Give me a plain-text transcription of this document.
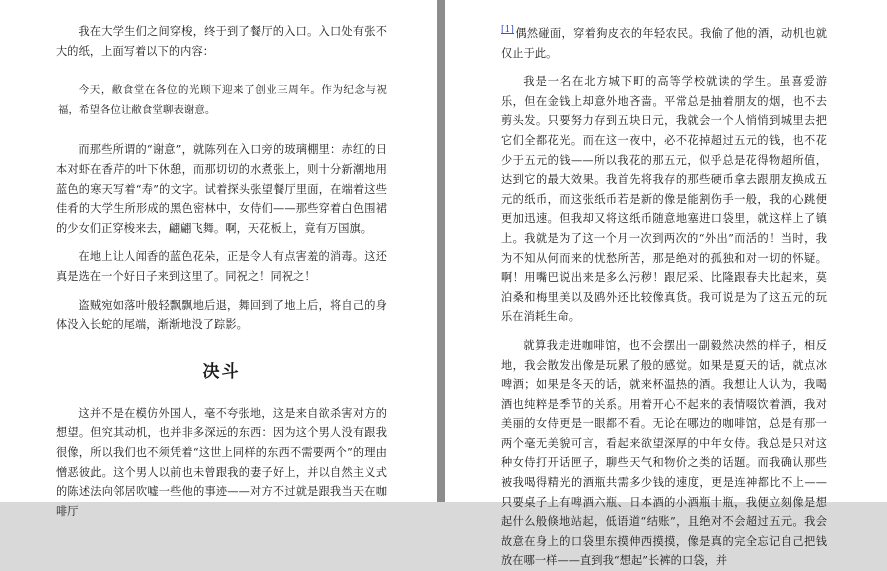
我在大学生们之间穿梭，终于到了餐厅的入口。入口处有张不大的纸，上面写着以下的内容：

今天，敝食堂在各位的光顾下迎来了创业三周年。作为纪念与祝福，希望各位让敝食堂聊表谢意。

而那些所谓的“谢意”，就陈列在入口旁的玻璃棚里：赤红的日本对虾在香芹的叶下休憩，而那切切的水煮张上，则十分新潮地用蓝色的寒天写着“寿”的文字。试着探头张望餐厅里面，在端着这些佳肴的大学生所形成的黑色密林中，女侍们——那些穿着白色围裙的少女们正穿梭来去，翩翩飞舞。啊，天花板上，竟有万国旗。

在地上让人闻香的蓝色花朵，正是令人有点害羞的消毒。这还真是选在一个好日子来到这里了。同祝之！同祝之！

盗贼宛如落叶般轻飘飘地后退，舞回到了地上后，将自己的身体没入长蛇的尾端，渐渐地没了踪影。

决斗

这并不是在模仿外国人，毫不夸张地，这是来自欲杀害对方的想望。但究其动机，也并非多深远的东西：因为这个男人没有跟我很像，所以我们也不须凭着“这世上同样的东西不需要两个”的理由憎恶彼此。这个男人以前也未曾跟我的妻子好上，并以自然主义式的陈述法向邻居吹嘘一些他的事迹——对方不过就是跟我当天在咖啡厅

[1]偶然碰面，穿着狗皮衣的年轻农民。我偷了他的酒，动机也就仅止于此。

我是一名在北方城下町的高等学校就读的学生。虽喜爱游乐，但在金钱上却意外地吝啬。平常总是抽着朋友的烟，也不去剪头发。只要努力存到五块日元，我就会一个人悄悄到城里去把它们全都花光。而在这一夜中，必不花掉超过五元的钱，也不花少于五元的钱——所以我花的那五元，似乎总是花得物超所值，达到它的最大效果。我首先将我存的那些硬币拿去跟朋友换成五元的纸币，而这张纸币若是新的像是能割伤手一般，我的心跳便更加迅速。但我却又将这纸币随意地塞进口袋里，就这样上了镇上。我就是为了这一个月一次到两次的“外出”而活的！当时，我为不知从何而来的忧愁所苦，那是绝对的孤独和对一切的怀疑。啊！用嘴巴说出来是多么污秽！跟尼采、比隆跟春夫比起来，莫泊桑和梅里美以及鸥外还比较像真货。我可说是为了这五元的玩乐在消耗生命。

就算我走进咖啡馆，也不会摆出一副毅然决然的样子，相反地，我会散发出像是玩累了般的感觉。如果是夏天的话，就点冰啤酒；如果是冬天的话，就来杯温热的酒。我想让人认为，我喝酒也纯粹是季节的关系。用着开心不起来的表情啜饮着酒，我对美丽的女侍更是一眼都不看。无论在哪边的咖啡馆，总是有那一两个毫无美貌可言，看起来欲望深厚的中年女侍。我总是只对这种女侍打开话匣子，聊些天气和物价之类的话题。而我确认那些被我喝得精光的酒瓶共需多少钱的速度，更是连神都比不上——只要桌子上有啤酒六瓶、日本酒的小酒瓶十瓶，我便立刻像是想起什么般倏地站起，低语道“结账”，且绝对不会超过五元。我会故意在身上的口袋里东摸伸西摸摸，像是真的完全忘记自己把钱放在哪一样——直到我“想起”长裤的口袋，并
